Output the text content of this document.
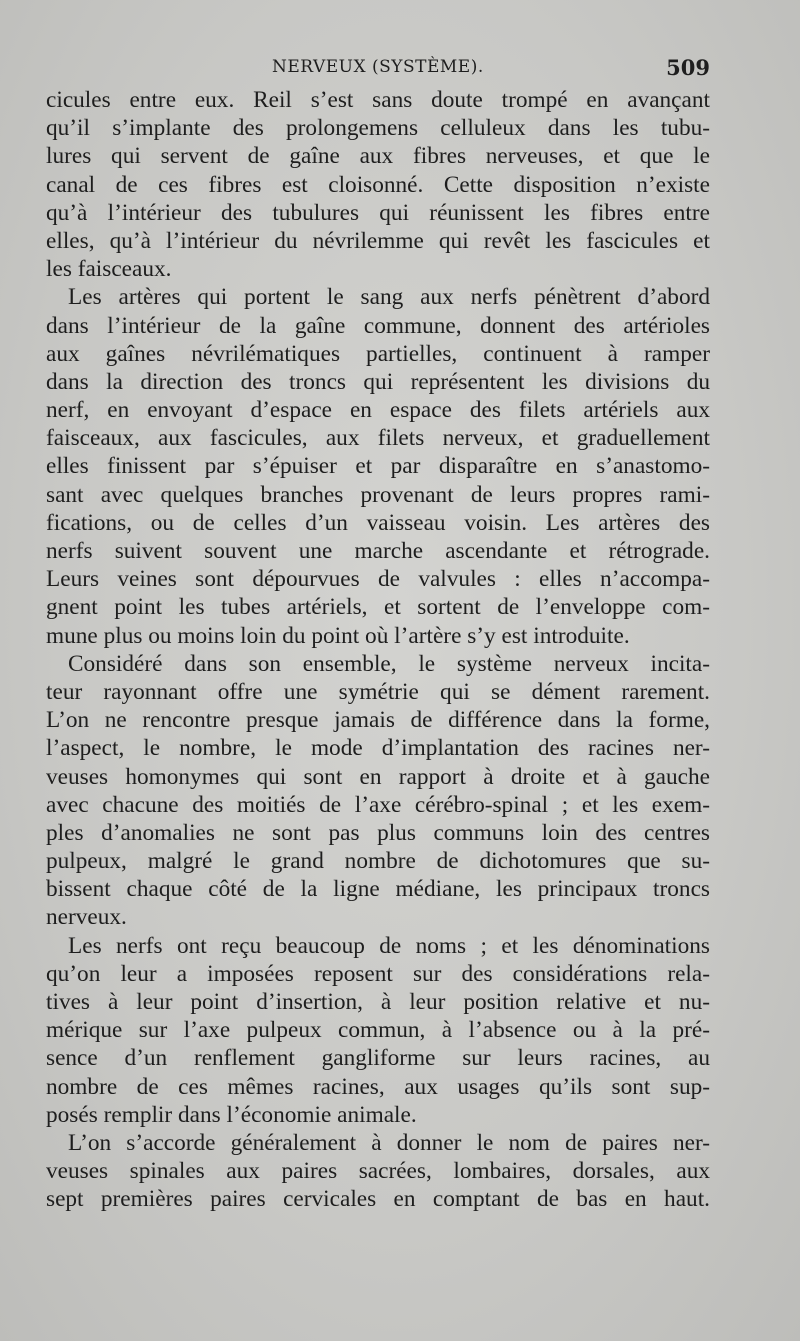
NERVEUX (SYSTÈME).	509
cicules entre eux. Reil s’est sans doute trompé en avançant
qu’il s’implante des prolongemens celluleux dans les tubu-
lures qui servent de gaîne aux fibres nerveuses, et que le
canal de ces fibres est cloisonné. Cette disposition n’existe
qu’à l’intérieur des tubulures qui réunissent les fibres entre
elles, qu’à l’intérieur du névrilemme qui revêt les fascicules et
les faisceaux.
Les artères qui portent le sang aux nerfs pénètrent d’abord
dans l’intérieur de la gaîne commune, donnent des artérioles
aux gaînes névrilématiques partielles, continuent à ramper
dans la direction des troncs qui représentent les divisions du
nerf, en envoyant d’espace en espace des filets artériels aux
faisceaux, aux fascicules, aux filets nerveux, et graduellement
elles finissent par s’épuiser et par disparaître en s’anastomo-
sant avec quelques branches provenant de leurs propres rami-
fications, ou de celles d’un vaisseau voisin. Les artères des
nerfs suivent souvent une marche ascendante et rétrograde.
Leurs veines sont dépourvues de valvules : elles n’accompa-
gnent point les tubes artériels, et sortent de l’enveloppe com-
mune plus ou moins loin du point où l’artère s’y est introduite.
Considéré dans son ensemble, le système nerveux incita-
teur rayonnant offre une symétrie qui se dément rarement.
L’on ne rencontre presque jamais de différence dans la forme,
l’aspect, le nombre, le mode d’implantation des racines ner-
veuses homonymes qui sont en rapport à droite et à gauche
avec chacune des moitiés de l’axe cérébro-spinal ; et les exem-
ples d’anomalies ne sont pas plus communs loin des centres
pulpeux, malgré le grand nombre de dichotomures que su-
bissent chaque côté de la ligne médiane, les principaux troncs
nerveux.
Les nerfs ont reçu beaucoup de noms ; et les dénominations
qu’on leur a imposées reposent sur des considérations rela-
tives à leur point d’insertion, à leur position relative et nu-
mérique sur l’axe pulpeux commun, à l’absence ou à la pré-
sence d’un renflement gangliforme sur leurs racines, au
nombre de ces mêmes racines, aux usages qu’ils sont sup-
posés remplir dans l’économie animale.
L’on s’accorde généralement à donner le nom de paires ner-
veuses spinales aux paires sacrées, lombaires, dorsales, aux
sept premières paires cervicales en comptant de bas en haut.
